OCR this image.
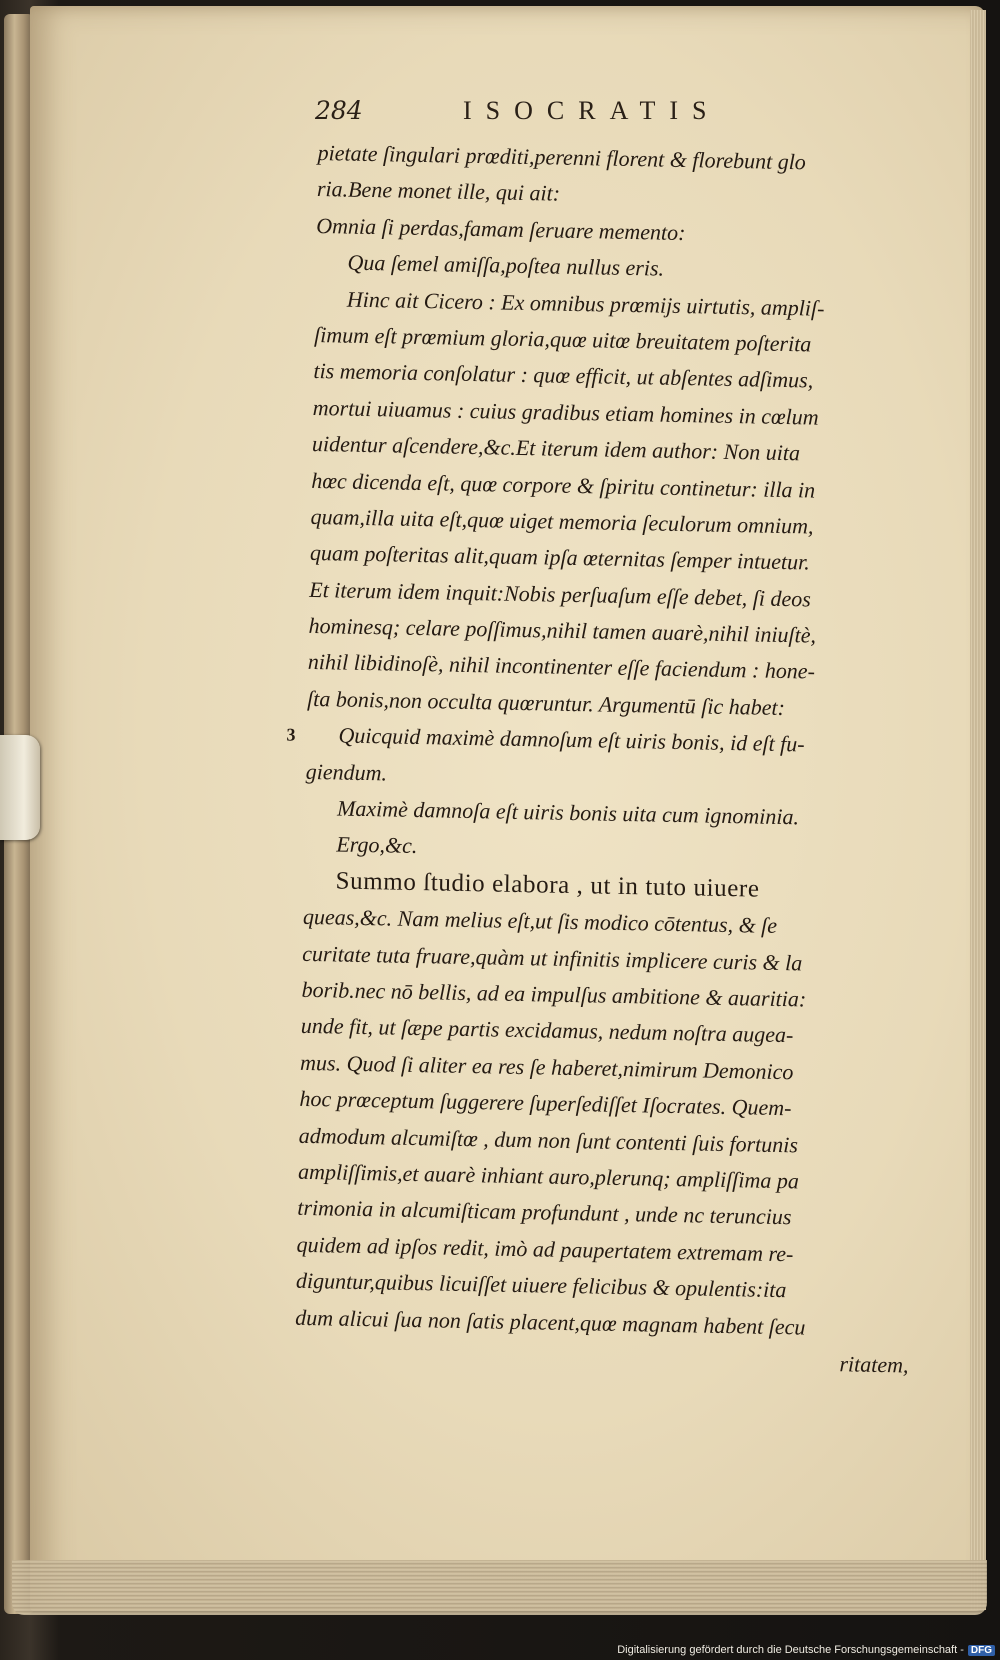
284	ISOCRATIS
pietate ſingulari prœditi,perenni florent & florebunt glo
ria.Bene monet ille, qui ait:
Omnia ſi perdas,famam ſeruare memento:
Qua ſemel amiſſa,poſtea nullus eris.
Hinc ait Cicero : Ex omnibus prœmijs uirtutis, ampliſ-
ſimum eſt prœmium gloria,quœ uitœ breuitatem poſterita
tis memoria conſolatur : quœ efficit, ut abſentes adſimus,
mortui uiuamus : cuius gradibus etiam homines in cœlum
uidentur aſcendere,&c.Et iterum idem author: Non uita
hœc dicenda eſt, quœ corpore & ſpiritu continetur: illa in
quam,illa uita eſt,quœ uiget memoria ſeculorum omnium,
quam poſteritas alit,quam ipſa œternitas ſemper intuetur.
Et iterum idem inquit:Nobis perſuaſum eſſe debet, ſi deos
hominesq; celare poſſimus,nihil tamen auarè,nihil iniuſtè,
nihil libidinoſè, nihil incontinenter eſſe faciendum : hone-
ſta bonis,non occulta quœruntur. Argumentū ſic habet:
3 Quicquid maximè damnoſum eſt uiris bonis, id eſt fu-
giendum.
Maximè damnoſa eſt uiris bonis uita cum ignominia.
Ergo,&c.
Summo ſtudio elabora , ut in tuto uiuere
queas,&c. Nam melius eſt,ut ſis modico cōtentus, & ſe
curitate tuta fruare,quàm ut infinitis implicere curis & la
borib.nec nō bellis, ad ea impulſus ambitione & auaritia:
unde fit, ut ſæpe partis excidamus, nedum noſtra augea-
mus. Quod ſi aliter ea res ſe haberet,nimirum Demonico
hoc prœceptum ſuggerere ſuperſediſſet Iſocrates. Quem-
admodum alcumiſtœ , dum non ſunt contenti ſuis fortunis
ampliſſimis,et auarè inhiant auro,plerunq; ampliſſima pa
trimonia in alcumiſticam profundunt , unde nc teruncius
quidem ad ipſos redit, imò ad paupertatem extremam re-
diguntur,quibus licuiſſet uiuere felicibus & opulentis:ita
dum alicui ſua non ſatis placent,quœ magnam habent ſecu
ritatem,
Digitalisierung gefördert durch die Deutsche Forschungsgemeinschaft - DFG
